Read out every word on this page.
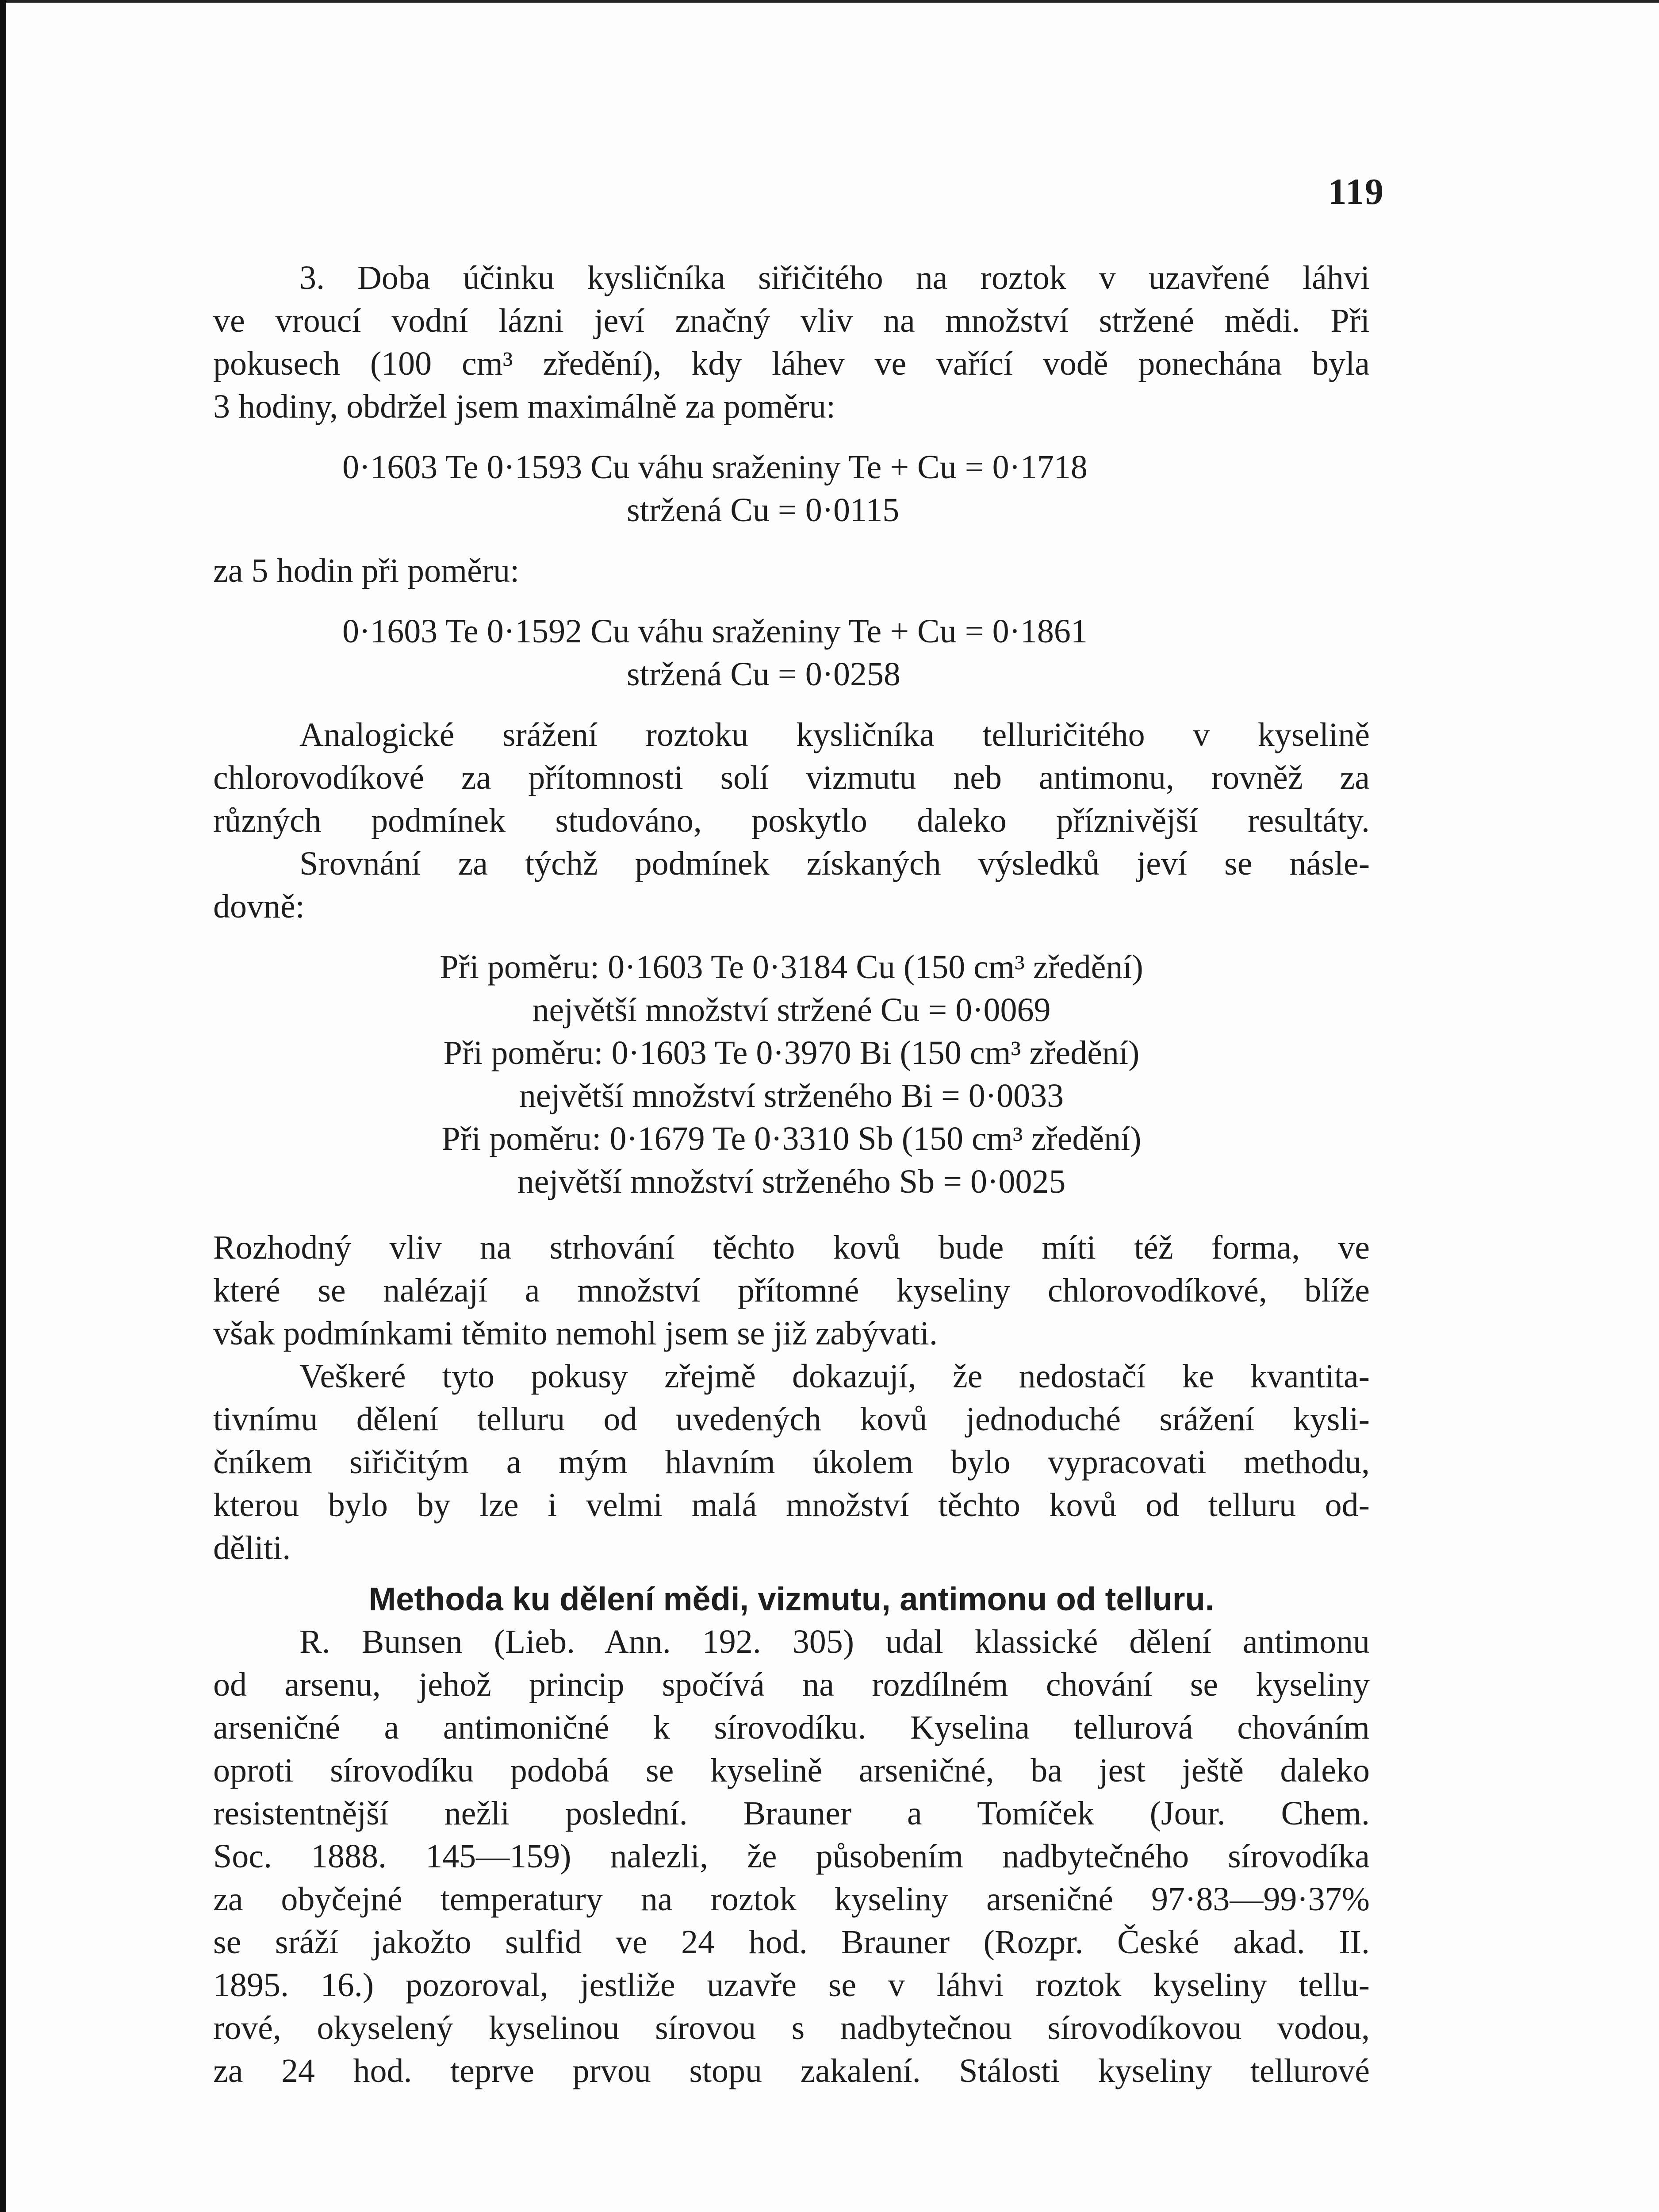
119
3. Doba účinku kysličníka siřičitého na roztok v uzavřené láhvi
ve vroucí vodní lázni jeví značný vliv na množství stržené mědi. Při
pokusech (100 cm³ zředění), kdy láhev ve vařící vodě ponechána byla
3 hodiny, obdržel jsem maximálně za poměru:
0·1603 Te 0·1593 Cu váhu sraženiny Te + Cu = 0·1718
stržená Cu = 0·0115
za 5 hodin při poměru:
0·1603 Te 0·1592 Cu váhu sraženiny Te + Cu = 0·1861
stržená Cu = 0·0258
Analogické srážení roztoku kysličníka telluričitého v kyselině
chlorovodíkové za přítomnosti solí vizmutu neb antimonu, rovněž za
různých podmínek studováno, poskytlo daleko příznivější resultáty.
Srovnání za týchž podmínek získaných výsledků jeví se násle-
dovně:
Při poměru: 0·1603 Te 0·3184 Cu (150 cm³ zředění)
největší množství stržené Cu = 0·0069
Při poměru: 0·1603 Te 0·3970 Bi (150 cm³ zředění)
největší množství strženého Bi = 0·0033
Při poměru: 0·1679 Te 0·3310 Sb (150 cm³ zředění)
největší množství strženého Sb = 0·0025
Rozhodný vliv na strhování těchto kovů bude míti též forma, ve
které se nalézají a množství přítomné kyseliny chlorovodíkové, blíže
však podmínkami těmito nemohl jsem se již zabývati.
Veškeré tyto pokusy zřejmě dokazují, že nedostačí ke kvantita-
tivnímu dělení telluru od uvedených kovů jednoduché srážení kysli-
čníkem siřičitým a mým hlavním úkolem bylo vypracovati methodu,
kterou bylo by lze i velmi malá množství těchto kovů od telluru od-
děliti.
Methoda ku dělení mědi, vizmutu, antimonu od telluru.
R. Bunsen (Lieb. Ann. 192. 305) udal klassické dělení antimonu
od arsenu, jehož princip spočívá na rozdílném chování se kyseliny
arseničné a antimoničné k sírovodíku. Kyselina tellurová chováním
oproti sírovodíku podobá se kyselině arseničné, ba jest ještě daleko
resistentnější nežli poslední. Brauner a Tomíček (Jour. Chem.
Soc. 1888. 145—159) nalezli, že působením nadbytečného sírovodíka
za obyčejné temperatury na roztok kyseliny arseničné 97·83—99·37%
se sráží jakožto sulfid ve 24 hod. Brauner (Rozpr. České akad. II.
1895. 16.) pozoroval, jestliže uzavře se v láhvi roztok kyseliny tellu-
rové, okyselený kyselinou sírovou s nadbytečnou sírovodíkovou vodou,
za 24 hod. teprve prvou stopu zakalení. Stálosti kyseliny tellurové
